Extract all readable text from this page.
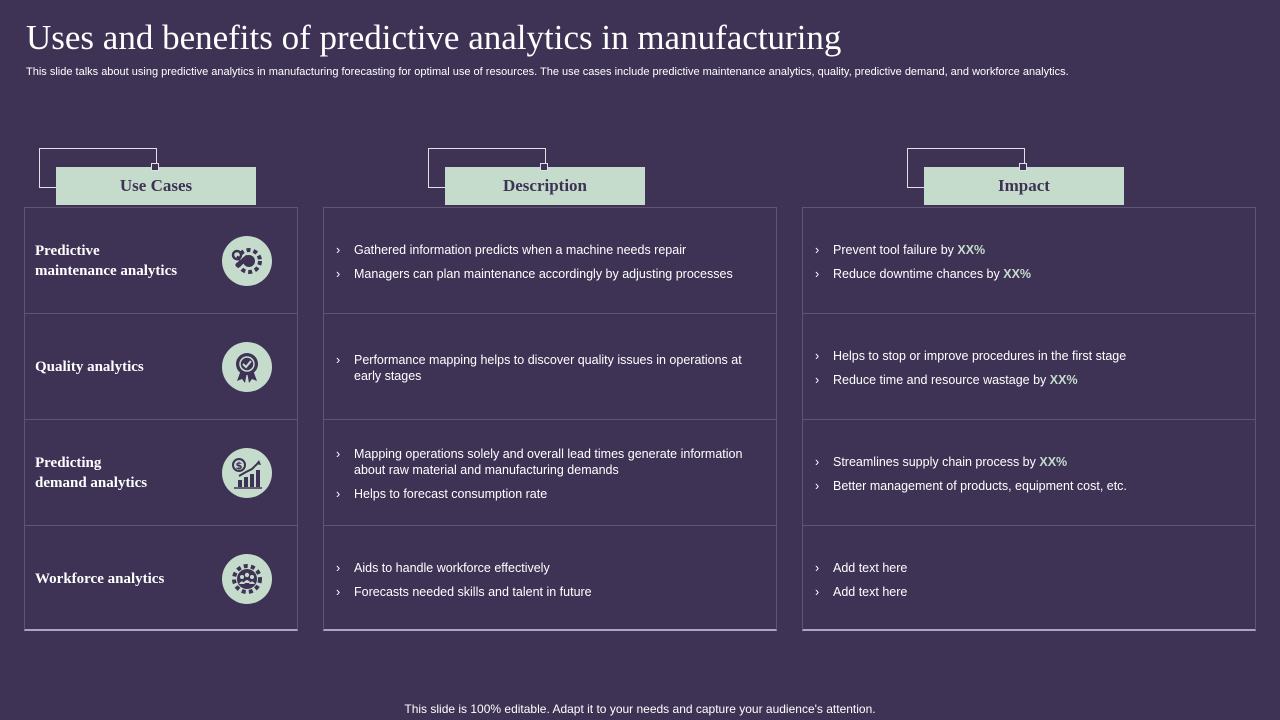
Uses and benefits of predictive analytics in manufacturing
This slide talks about using predictive analytics in manufacturing forecasting for optimal use of resources. The use cases include predictive maintenance analytics, quality, predictive demand, and workforce analytics.
Use Cases	Description	Impact
Predictive
maintenance analytics
Quality analytics
Predicting
demand analytics
$
Workforce analytics
› Gathered information predicts when a machine needs repair
› Managers can plan maintenance accordingly by adjusting processes
› Performance mapping helps to discover quality issues in operations at early stages
› Mapping operations solely and overall lead times generate information about raw material and manufacturing demands
› Helps to forecast consumption rate
› Aids to handle workforce effectively
› Forecasts needed skills and talent in future
› Prevent tool failure by XX%
› Reduce downtime chances by XX%
› Helps to stop or improve procedures in the first stage
› Reduce time and resource wastage by XX%
› Streamlines supply chain process by XX%
› Better management of products, equipment cost, etc.
› Add text here
› Add text here
This slide is 100% editable. Adapt it to your needs and capture your audience's attention.
